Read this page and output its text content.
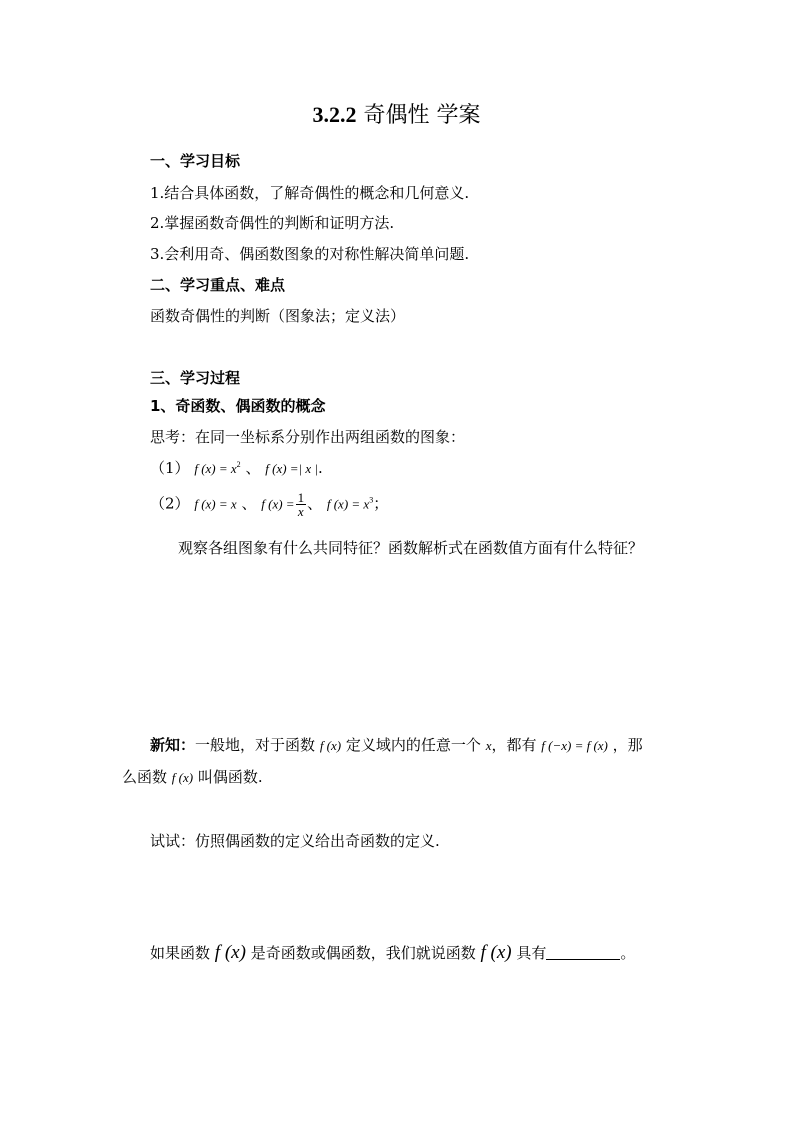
3.2.2 奇偶性 学案
一、学习目标
1.结合具体函数，了解奇偶性的概念和几何意义.
2.掌握函数奇偶性的判断和证明方法.
3.会利用奇、偶函数图象的对称性解决简单问题.
二、学习重点、难点
函数奇偶性的判断（图象法；定义法）
三、学习过程
1、奇函数、偶函数的概念
思考：在同一坐标系分别作出两组函数的图象：
（1） f $(x) = x^2$ 、 f (x) =| x |.
（2） f (x) = x 、 f $(x) = \frac{1}{x}$ 、 f $(x) = x^3$；
观察各组图象有什么共同特征？函数解析式在函数值方面有什么特征？
新知：一般地，对于函数 f (x) 定义域内的任意一个 x，都有 f (−x) = f (x) ，那
么函数 f (x) 叫偶函数.
试试：仿照偶函数的定义给出奇函数的定义.
如果函数 f (x) 是奇函数或偶函数，我们就说函数 f (x) 具有	。
